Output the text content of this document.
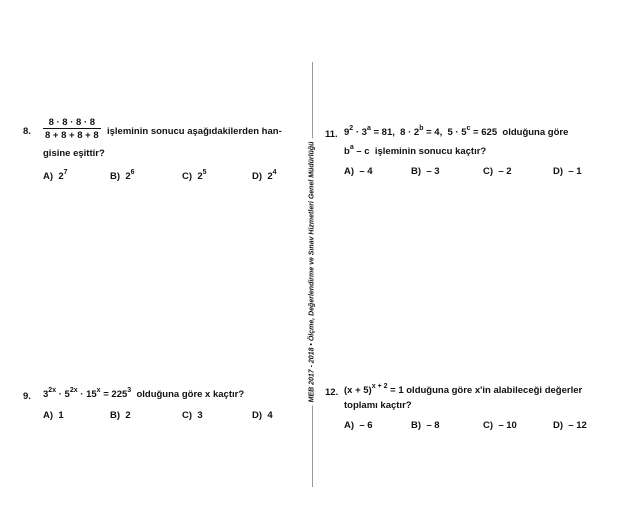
MEB 2017 - 2018 • Ölçme, Değerlendirme ve Sınav Hizmetleri Genel Müdürlüğü
8. $\frac{8 \cdot 8 \cdot 8 \cdot 8}{8 + 8 + 8 + 8}$ işleminin sonucu aşağıdakilerden han-
gisine eşittir?
A) $2^7$	B) $2^6$	C) $2^5$	D) $2^4$
9. $3^{2x} \cdot 5^{2x} \cdot 15^x = 225^3$ olduğuna göre x kaçtır?
A) 1	B) 2	C) 3	D) 4
11. $9^2 \cdot 3^a = 81$, $8 \cdot 2^b = 4$, $5 \cdot 5^c = 625$ olduğuna göre
$b^a$ – c  işleminin sonucu kaçtır?
A) – 4	B) – 3	C) – 2	D) – 1
12. $(x + 5)^{x + 2} = 1$ olduğuna göre x'in alabileceği değerler
toplamı kaçtır?
A) – 6	B) – 8	C) – 10	D) – 12
